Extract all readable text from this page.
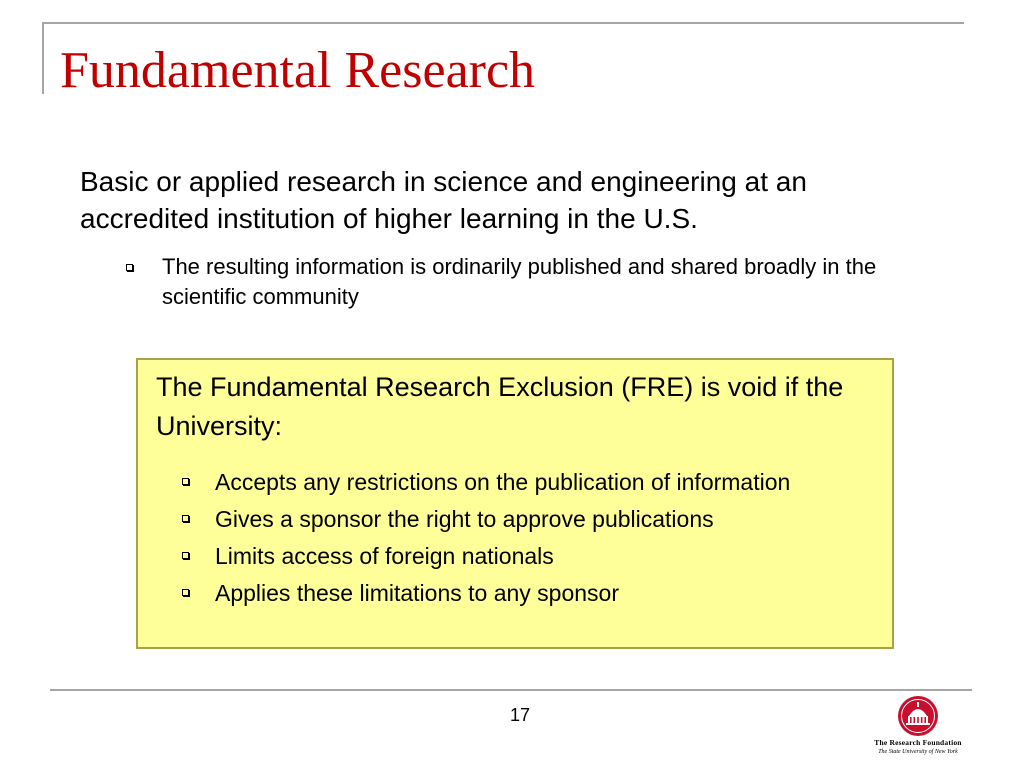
Fundamental Research

Basic or applied research in science and engineering at an accredited institution of higher learning in the U.S.

The resulting information is ordinarily published and shared broadly in the scientific community

The Fundamental Research Exclusion (FRE) is void if the University:

Accepts any restrictions on the publication of information
Gives a sponsor the right to approve publications
Limits access of foreign nationals
Applies these limitations to any sponsor
17
The Research Foundation
The State University of New York
